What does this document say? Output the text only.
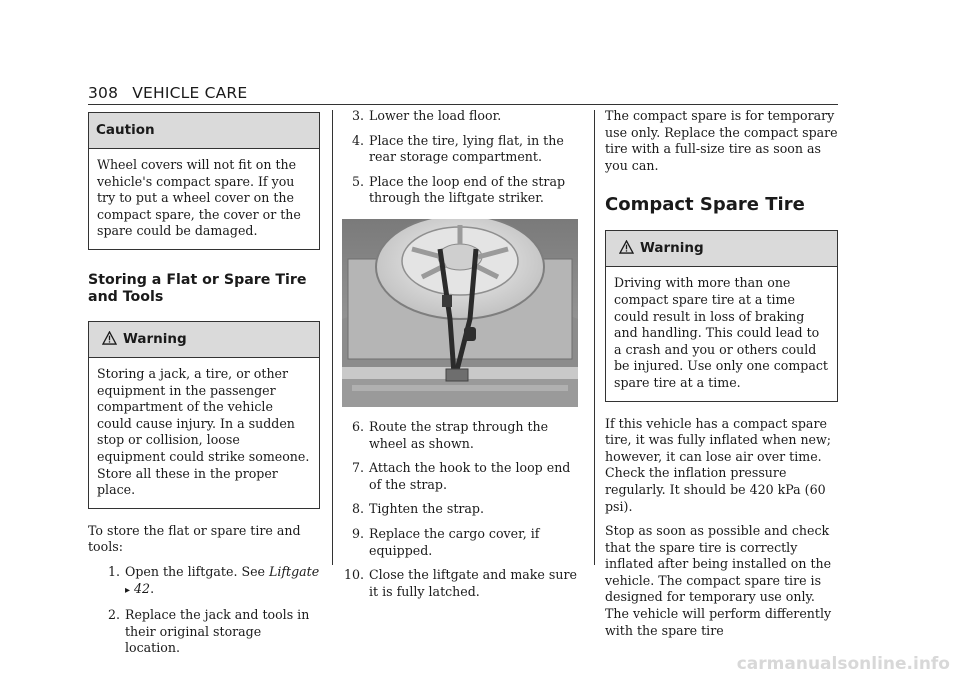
308 VEHICLE CARE
Caution

Wheel covers will not fit on the vehicle's compact spare. If you try to put a wheel cover on the compact spare, the cover or the spare could be damaged.

Storing a Flat or Spare Tire and Tools
Warning

Storing a jack, a tire, or other equipment in the passenger compartment of the vehicle could cause injury. In a sudden stop or collision, loose equipment could strike someone. Store all these in the proper place.

To store the flat or spare tire and tools:

1. Open the liftgate. See Liftgate
▸ 42.
2. Replace the jack and tools in their original storage location.
3. Lower the load floor.
4. Place the tire, lying flat, in the rear storage compartment.
5. Place the loop end of the strap through the liftgate striker.
6. Route the strap through the wheel as shown.
7. Attach the hook to the loop end of the strap.
8. Tighten the strap.
9. Replace the cargo cover, if equipped.
10. Close the liftgate and make sure it is fully latched.

The compact spare is for temporary use only. Replace the compact spare tire with a full-size tire as soon as you can.

Compact Spare Tire
Warning

Driving with more than one compact spare tire at a time could result in loss of braking and handling. This could lead to a crash and you or others could be injured. Use only one compact spare tire at a time.

If this vehicle has a compact spare tire, it was fully inflated when new; however, it can lose air over time. Check the inflation pressure regularly. It should be 420 kPa (60 psi).

Stop as soon as possible and check that the spare tire is correctly inflated after being installed on the vehicle. The compact spare tire is designed for temporary use only. The vehicle will perform differently with the spare tire

carmanualsonline.info
